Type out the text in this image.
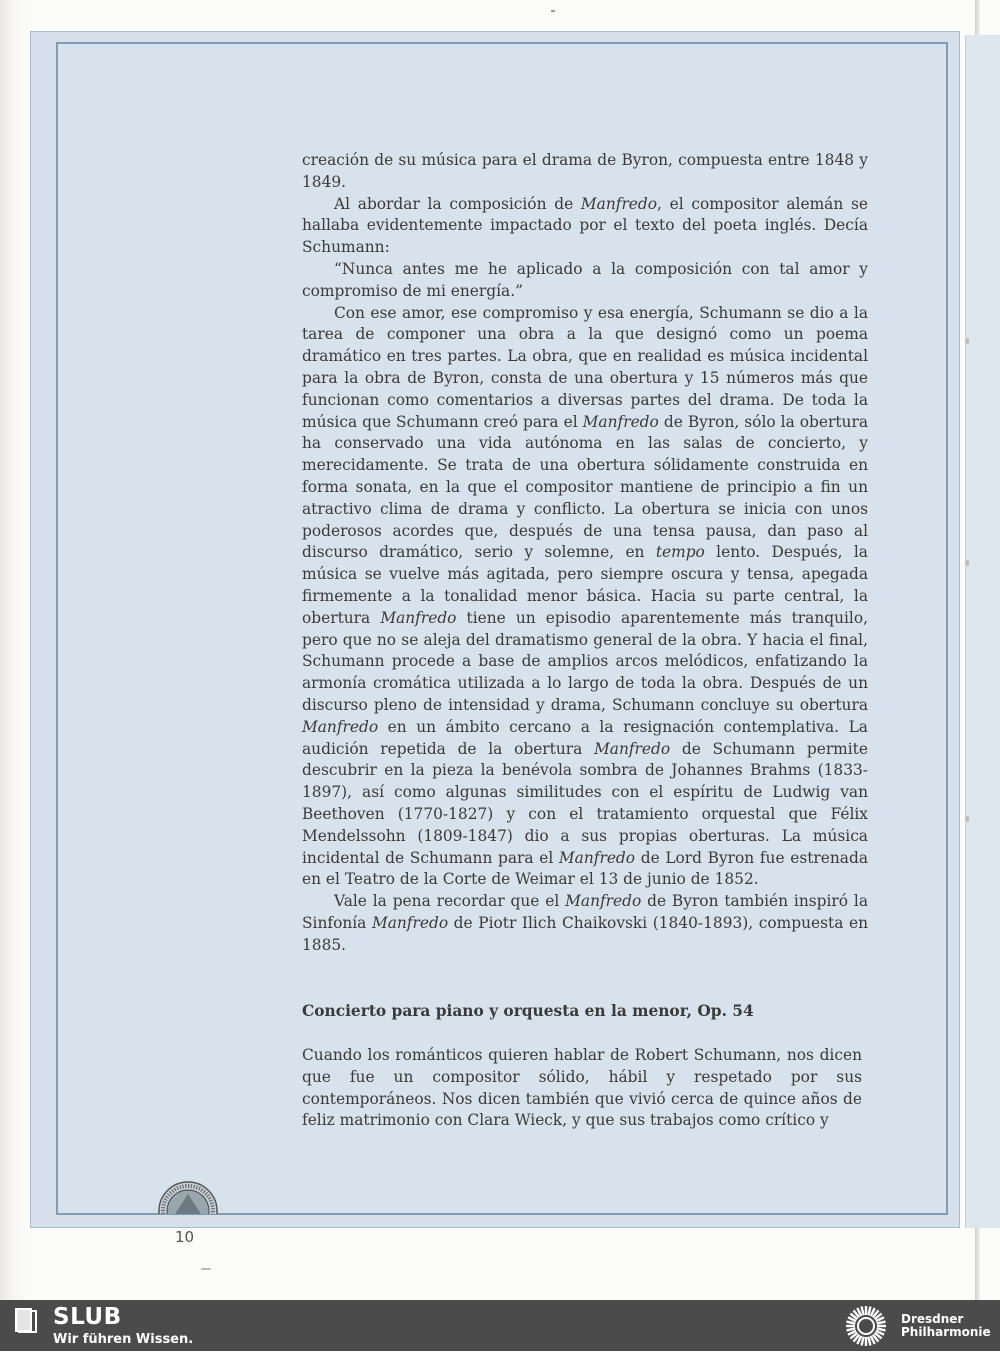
creación de su música para el drama de Byron, compuesta entre 1848 y 1849.

Al abordar la composición de Manfredo, el compositor alemán se hallaba evidentemente impactado por el texto del poeta inglés. Decía Schumann:

“Nunca antes me he aplicado a la composición con tal amor y compromiso de mi energía.”

Con ese amor, ese compromiso y esa energía, Schumann se dio a la tarea de componer una obra a la que designó como un poema dramático en tres partes. La obra, que en realidad es música incidental para la obra de Byron, consta de una obertura y 15 números más que funcionan como comentarios a diversas partes del drama. De toda la música que Schumann creó para el Manfredo de Byron, sólo la obertura ha conservado una vida autónoma en las salas de concierto, y merecidamente. Se trata de una obertura sólidamente construida en forma sonata, en la que el compositor mantiene de principio a fin un atractivo clima de drama y conflicto. La obertura se inicia con unos poderosos acordes que, después de una tensa pausa, dan paso al discurso dramático, serio y solemne, en tempo lento. Después, la música se vuelve más agitada, pero siempre oscura y tensa, apegada firmemente a la tonalidad menor básica. Hacia su parte central, la obertura Manfredo tiene un episodio aparentemente más tranquilo, pero que no se aleja del dramatismo general de la obra. Y hacia el final, Schumann procede a base de amplios arcos melódicos, enfatizando la armonía cromática utilizada a lo largo de toda la obra. Después de un discurso pleno de intensidad y drama, Schumann concluye su obertura Manfredo en un ámbito cercano a la resignación contemplativa. La audición repetida de la obertura Manfredo de Schumann permite descubrir en la pieza la benévola sombra de Johannes Brahms (1833-1897), así como algunas similitudes con el espíritu de Ludwig van Beethoven (1770-1827) y con el tratamiento orquestal que Félix Mendelssohn (1809-1847) dio a sus propias oberturas. La música incidental de Schumann para el Manfredo de Lord Byron fue estrenada en el Teatro de la Corte de Weimar el 13 de junio de 1852.

Vale la pena recordar que el Manfredo de Byron también inspiró la Sinfonía Manfredo de Piotr Ilich Chaikovski (1840-1893), compuesta en 1885.

Concierto para piano y orquesta en la menor, Op. 54

Cuando los románticos quieren hablar de Robert Schumann, nos dicen que fue un compositor sólido, hábil y respetado por sus contemporáneos. Nos dicen también que vivió cerca de quince años de feliz matrimonio con Clara Wieck, y que sus trabajos como crítico y

10
SLUB
Wir führen Wissen.
Dresdner
Philharmonie
